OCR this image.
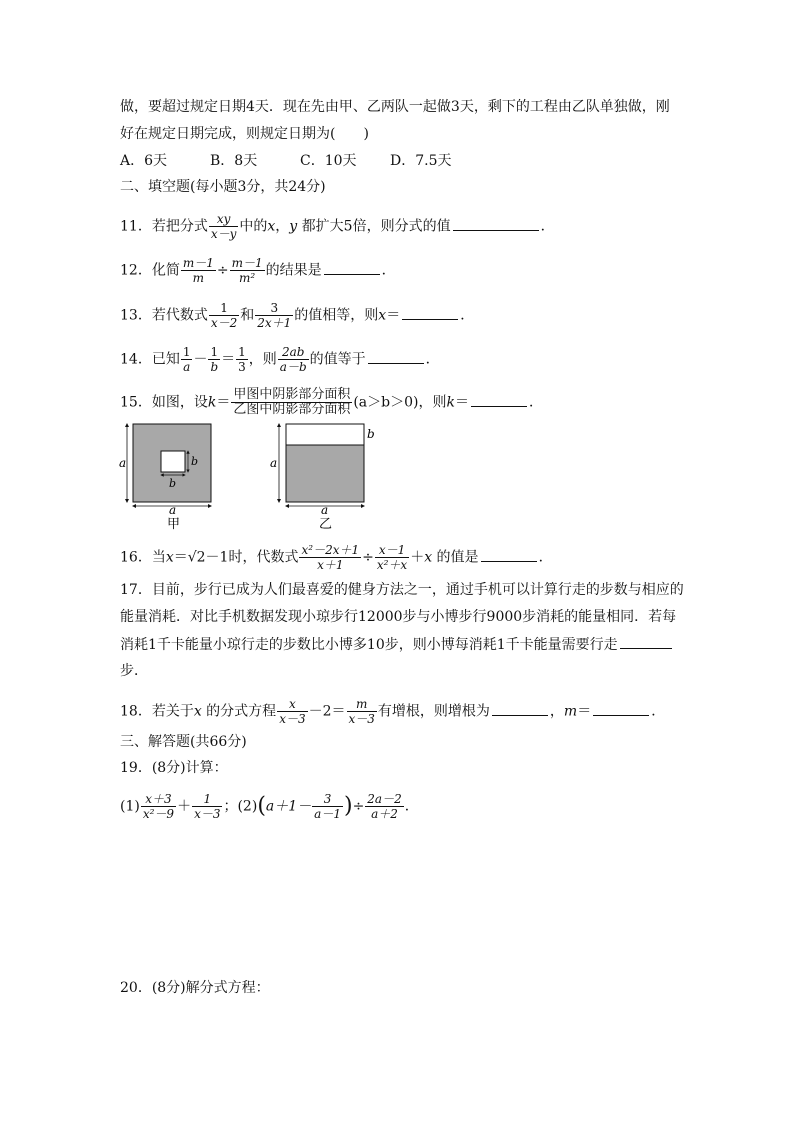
做，要超过规定日期4天．现在先由甲、乙两队一起做3天，剩下的工程由乙队单独做，刚
好在规定日期完成，则规定日期为(　　)
A．6天	B．8天	C．10天 D．7.5天
二、填空题(每小题3分，共24分)
11．若把分式 $\frac{xy}{x-y}$ 中的x，y 都扩大5倍，则分式的值	．
12．化简 $\frac{m-1}{m} \div \frac{m-1}{\text{m²}}$ 的结果是	．
13．若代数式 $\frac{1}{x-2}$ 和 $\frac{3}{2x+1}$ 的值相等，则x＝	．
14．已知 $\frac{1}{a} - \frac{1}{b} = \frac{1}{3}$ ，则 $\frac{2ab}{a-b}$ 的值等于	．
15．如图，设$k= \frac{\text{甲图中阴影部分面积}}{\text{乙图中阴影部分面积}} (a>b>0)$，则k＝	．
a
a
b
b
甲
a
b
a
乙
16．当x＝√2－1时，代数式 $\frac{\text{x²－2x＋1}}{x+1} \div \frac{x-1}{\text{x²＋x}} +x$ 的值是	．
17．目前，步行已成为人们最喜爱的健身方法之一，通过手机可以计算行走的步数与相应的
能量消耗．对比手机数据发现小琼步行12000步与小博步行9000步消耗的能量相同．若每
消耗1千卡能量小琼行走的步数比小博多10步，则小博每消耗1千卡能量需要行走
步．
18．若关于x 的分式方程 $\frac{x}{x-3} -2= \frac{m}{x-3}$ 有增根，则增根为	，m＝	．
三、解答题(共66分)
19．(8分)计算：
$(1) \frac{x+3}{\text{x²－9}} + \frac{1}{x-3}$ ；$(2)(a+1- \frac{3}{a-1}$ )÷ $\frac{2a-2}{a+2}$ ．
20．(8分)解分式方程：
